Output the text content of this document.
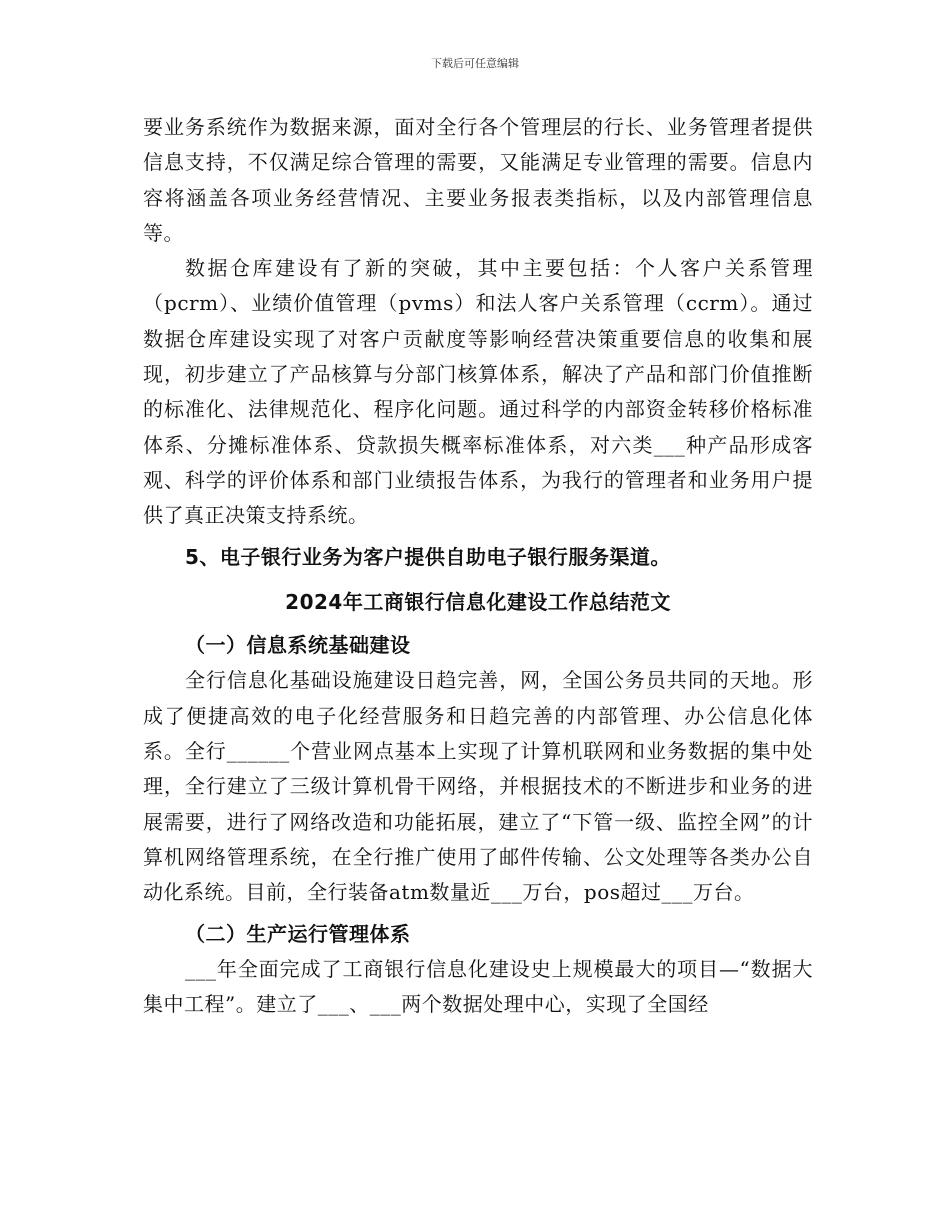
下载后可任意编辑

要业务系统作为数据来源，面对全行各个管理层的行长、业务管理者提供信息支持，不仅满足综合管理的需要，又能满足专业管理的需要。信息内容将涵盖各项业务经营情况、主要业务报表类指标，以及内部管理信息等。

数据仓库建设有了新的突破，其中主要包括：个人客户关系管理（pcrm）、业绩价值管理（pvms）和法人客户关系管理（ccrm）。通过数据仓库建设实现了对客户贡献度等影响经营决策重要信息的收集和展现，初步建立了产品核算与分部门核算体系，解决了产品和部门价值推断的标准化、法律规范化、程序化问题。通过科学的内部资金转移价格标准体系、分摊标准体系、贷款损失概率标准体系，对六类___种产品形成客观、科学的评价体系和部门业绩报告体系，为我行的管理者和业务用户提供了真正决策支持系统。

5、电子银行业务为客户提供自助电子银行服务渠道。

2024年工商银行信息化建设工作总结范文

（一）信息系统基础建设

全行信息化基础设施建设日趋完善，网，全国公务员共同的天地。形成了便捷高效的电子化经营服务和日趋完善的内部管理、办公信息化体系。全行______个营业网点基本上实现了计算机联网和业务数据的集中处理，全行建立了三级计算机骨干网络，并根据技术的不断进步和业务的进展需要，进行了网络改造和功能拓展，建立了“下管一级、监控全网”的计算机网络管理系统，在全行推广使用了邮件传输、公文处理等各类办公自动化系统。目前，全行装备atm数量近___万台，pos超过___万台。

（二）生产运行管理体系

___年全面完成了工商银行信息化建设史上规模最大的项目—“数据大集中工程”。建立了___、___两个数据处理中心，实现了全国经
